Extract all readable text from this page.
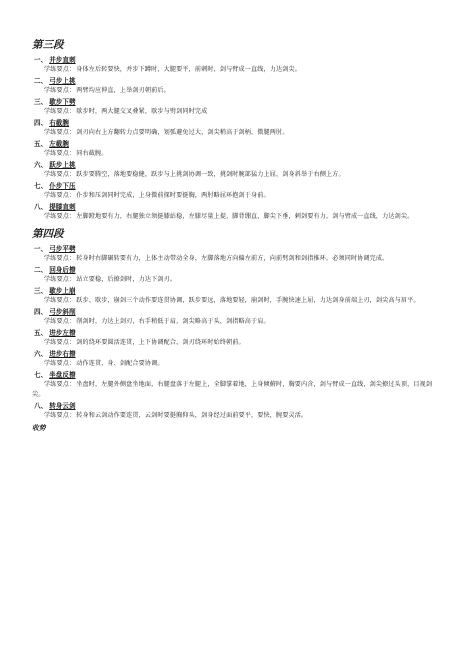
第三段
一、 并步直刺
学练要点：身体左后转要快，并步下蹲时，大腿要平，前刺时，剑与臂成一直线，力达剑尖。
二、 弓步上挑
学练要点：两臂均应伸直，上举剑刃朝前后。
三、 歇步下劈
学练要点：歇步时，两大腿交叉叠紧，歇步与劈剑同时完成
四、 右截腕
学练要点：剑刃向右上方翻转力点要明确，划弧避免过大，剑尖稍高于剑柄，微腿两肘。
五、 左截腕
学练要点：同右截腕。
六、 跃步上挑
学练要点：跃步要腾空，落地要稳健，跃步与上挑剑协调一致，挑剑时腕部猛力上屈，剑身斜举于右侧上方。
七、 仆步下压
学练要点：仆步和压剑同时完成，上身微前探时要挺胸，两肘略屈环抱剑于身前。
八、 提膝直刺
学练要点：左脚蹬地要有力，右腿独立须挺膝站稳，左膝尽量上提，脚背绷直，脚尖下垂，刺剑要有力，剑与臂成一直线，力达剑尖。
第四段
一、 弓步平劈
学练要点：转身时右脚碾转要有力，上体主动带动全身，左脚落地方向偏左前方，向前劈剑和剑指推环，必须同时协调完成。
二、 回身后撩
学练要点：站立要稳，后撩剑时，力达下剑刃。
三、 歇步上崩
学练要点：跃步、歇步，崩剑三个动作要连贯协调，跃步要远，落地要轻，崩剑时，手腕快速上屈，力达剑身前端上刃，剑尖高与眉平。
四、 弓步斜削
学练要点：削剑时，力达上剑刃，右手稍低于肩，剑尖略高于头，剑指略高于肩。
五、 进步左撩
学练要点：剑的绕环要圆活连贯，上下协调配合，剑刃绕环时始终朝前。
六、 进步右撩
学练要点：动作连贯，身、剑配合要协调。
七、 坐盘反撩
学练要点：坐盘时，左腿外侧盘坐地面，右腿盘落于左腿上，全脚掌着地，上身倾俯时，胸要内含，剑与臂成一直线，剑尖撩过头顶，目视剑尖。
八、 转身云剑
学练要点：转身和云剑动作要连贯，云剑时要挺胸仰头，剑身经过面前要平，要快，腕要灵活。
收势
